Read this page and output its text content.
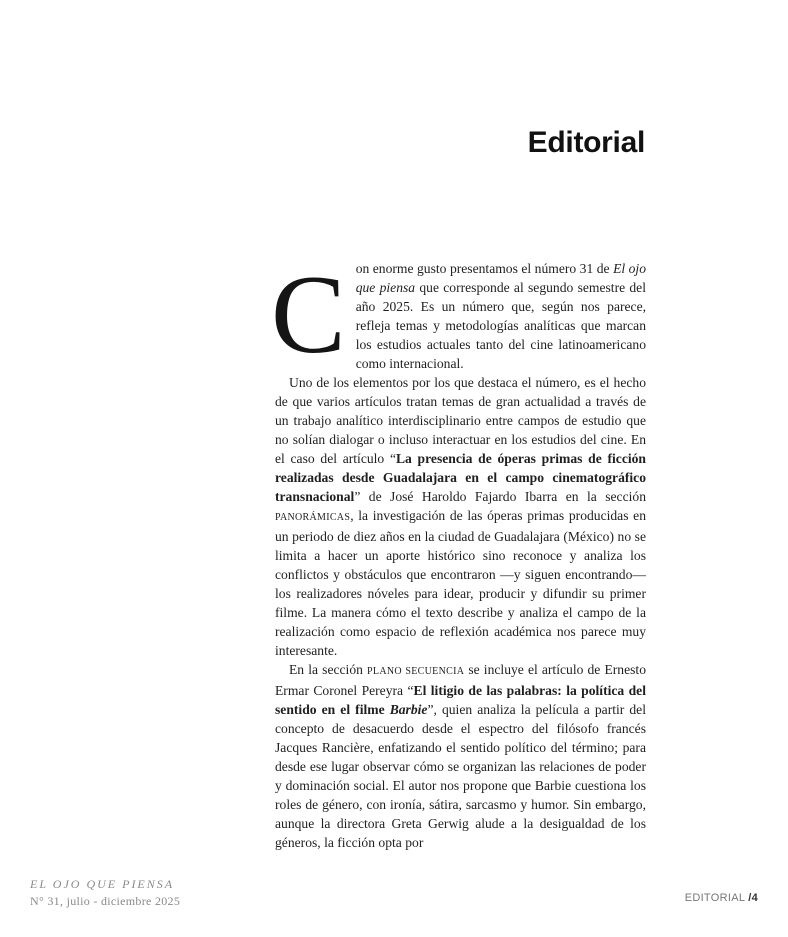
Editorial

Con enorme gusto presentamos el número 31 de El ojo que piensa que corresponde al segundo semestre del año 2025. Es un número que, según nos parece, refleja temas y metodologías analíticas que marcan los estudios actuales tanto del cine latinoamericano como internacional.

Uno de los elementos por los que destaca el número, es el hecho de que varios artículos tratan temas de gran actualidad a través de un trabajo analítico interdisciplinario entre campos de estudio que no solían dialogar o incluso interactuar en los estudios del cine. En el caso del artículo “La presencia de óperas primas de ficción realizadas desde Guadalajara en el campo cinematográfico transnacional” de José Haroldo Fajardo Ibarra en la sección PANORÁMICAS, la investigación de las óperas primas producidas en un periodo de diez años en la ciudad de Guadalajara (México) no se limita a hacer un aporte histórico sino reconoce y analiza los conflictos y obstáculos que encontraron —y siguen encontrando— los realizadores nóveles para idear, producir y difundir su primer filme. La manera cómo el texto describe y analiza el campo de la realización como espacio de reflexión académica nos parece muy interesante.

En la sección PLANO SECUENCIA se incluye el artículo de Ernesto Ermar Coronel Pereyra “El litigio de las palabras: la política del sentido en el filme Barbie”, quien analiza la película a partir del concepto de desacuerdo desde el espectro del filósofo francés Jacques Rancière, enfatizando el sentido político del término; para desde ese lugar observar cómo se organizan las relaciones de poder y dominación social. El autor nos propone que Barbie cuestiona los roles de género, con ironía, sátira, sarcasmo y humor. Sin embargo, aunque la directora Greta Gerwig alude a la desigualdad de los géneros, la ficción opta por

EL OJO QUE PIENSA
N° 31, julio - diciembre 2025	EDITORIAL /4
